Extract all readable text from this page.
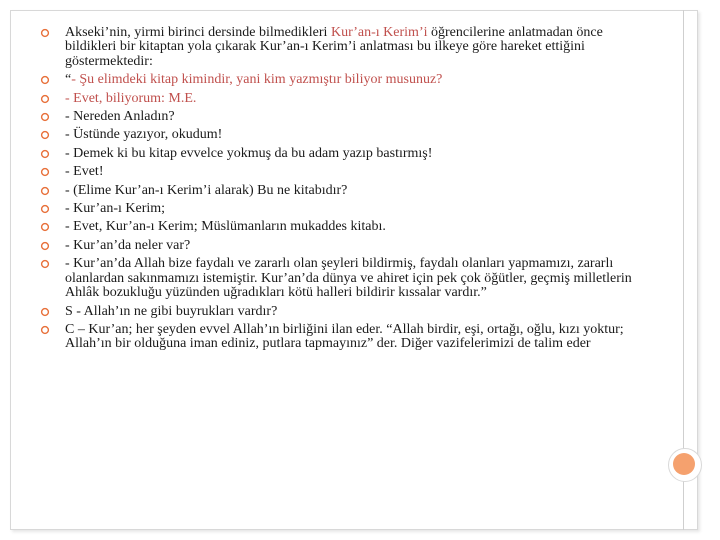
Akseki’nin, yirmi birinci dersinde bilmedikleri Kur’an-ı Kerim’i öğrencilerine anlatmadan önce bildikleri bir kitaptan yola çıkarak Kur’an-ı Kerim’i anlatması bu ilkeye göre hareket ettiğini göstermektedir:
“- Şu elimdeki kitap kimindir, yani kim yazmıştır biliyor musunuz?
- Evet, biliyorum: M.E.
- Nereden Anladın?
- Üstünde yazıyor, okudum!
- Demek ki bu kitap evvelce yokmuş da bu adam yazıp bastırmış!
- Evet!
- (Elime Kur’an-ı Kerim’i alarak) Bu ne kitabıdır?
- Kur’an-ı Kerim;
- Evet, Kur’an-ı Kerim; Müslümanların mukaddes kitabı.
- Kur’an’da neler var?
- Kur’an’da Allah bize faydalı ve zararlı olan şeyleri bildirmiş, faydalı olanları yapmamızı, zararlı olanlardan sakınmamızı istemiştir. Kur’an’da dünya ve ahiret için pek çok öğütler, geçmiş milletlerin Ahlâk bozukluğu yüzünden uğradıkları kötü halleri bildirir kıssalar vardır.”
S - Allah’ın ne gibi buyrukları vardır?
C – Kur’an; her şeyden evvel Allah’ın birliğini ilan eder. “Allah birdir, eşi, ortağı, oğlu, kızı yoktur; Allah’ın bir olduğuna iman ediniz, putlara tapmayınız” der. Diğer vazifelerimizi de talim eder
